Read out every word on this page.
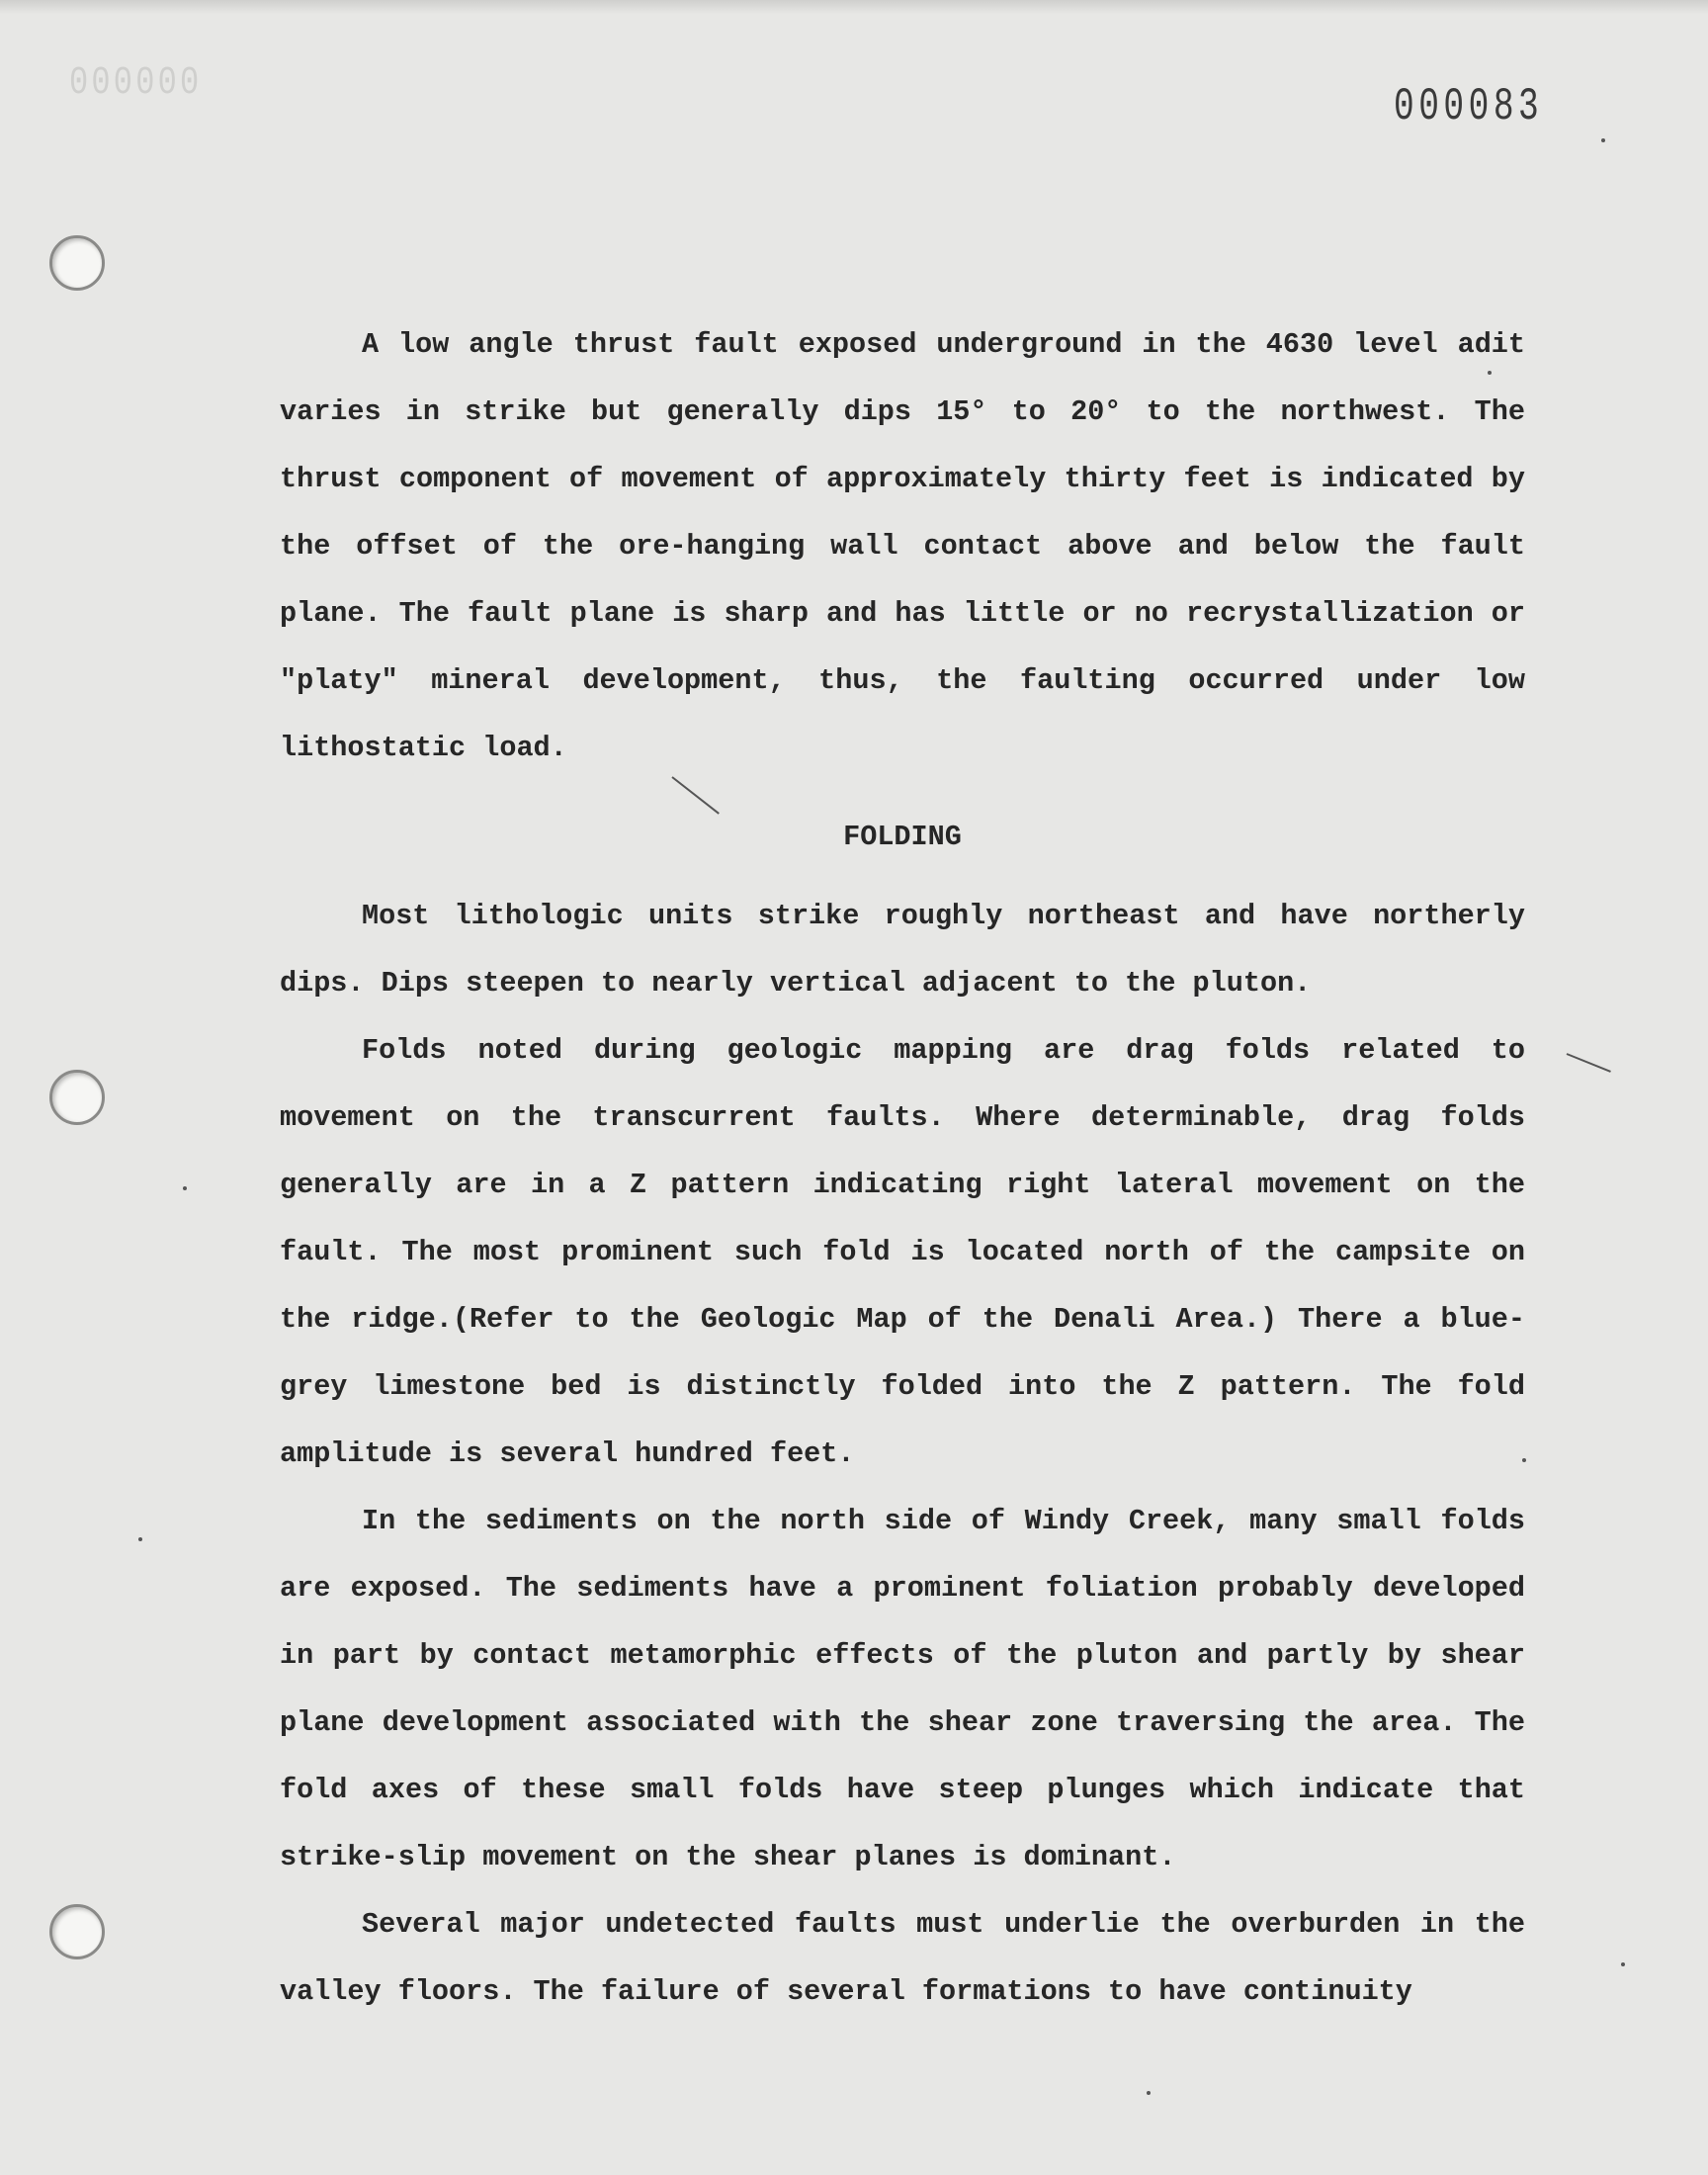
000000	000083

A low angle thrust fault exposed underground in the 4630 level adit varies in strike but generally dips 15° to 20° to the northwest. The thrust component of movement of approximately thirty feet is indicated by the offset of the ore-hanging wall contact above and below the fault plane. The fault plane is sharp and has little or no recrystallization or "platy" mineral development, thus, the faulting occurred under low lithostatic load.

FOLDING

Most lithologic units strike roughly northeast and have northerly dips. Dips steepen to nearly vertical adjacent to the pluton.

Folds noted during geologic mapping are drag folds related to movement on the transcurrent faults. Where determinable, drag folds generally are in a Z pattern indicating right lateral movement on the fault. The most prominent such fold is located north of the campsite on the ridge.(Refer to the Geologic Map of the Denali Area.) There a blue-grey limestone bed is distinctly folded into the Z pattern. The fold amplitude is several hundred feet.

In the sediments on the north side of Windy Creek, many small folds are exposed. The sediments have a prominent foliation probably developed in part by contact metamorphic effects of the pluton and partly by shear plane development associated with the shear zone traversing the area. The fold axes of these small folds have steep plunges which indicate that strike-slip movement on the shear planes is dominant.

Several major undetected faults must underlie the overburden in the valley floors. The failure of several formations to have continuity
